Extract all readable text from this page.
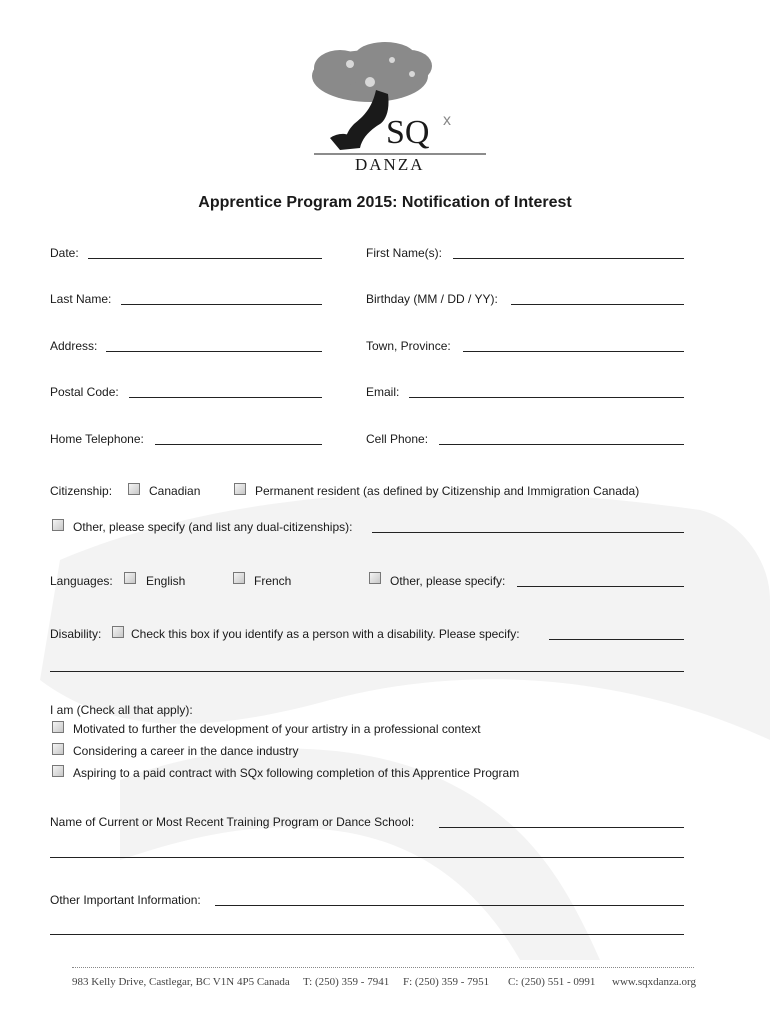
SQ x
DANZA
Apprentice Program 2015: Notification of Interest
Date:	First Name(s):
Last Name:	Birthday (MM / DD / YY):
Address:	Town, Province:
Postal Code:	Email:
Home Telephone:	Cell Phone:
Citizenship:	Canadian	Permanent resident (as defined by Citizenship and Immigration Canada)
Other, please specify (and list any dual-citizenships):
Languages:	English	French	Other, please specify:
Disability: Check this box if you identify as a person with a disability. Please specify:
I am (Check all that apply):
Motivated to further the development of your artistry in a professional context
Considering a career in the dance industry
Aspiring to a paid contract with SQx following completion of this Apprentice Program
Name of Current or Most Recent Training Program or Dance School:
Other Important Information:
983 Kelly Drive, Castlegar, BC V1N 4P5 Canada T: (250) 359 - 7941 F: (250) 359 - 7951 C: (250) 551 - 0991 www.sqxdanza.org
